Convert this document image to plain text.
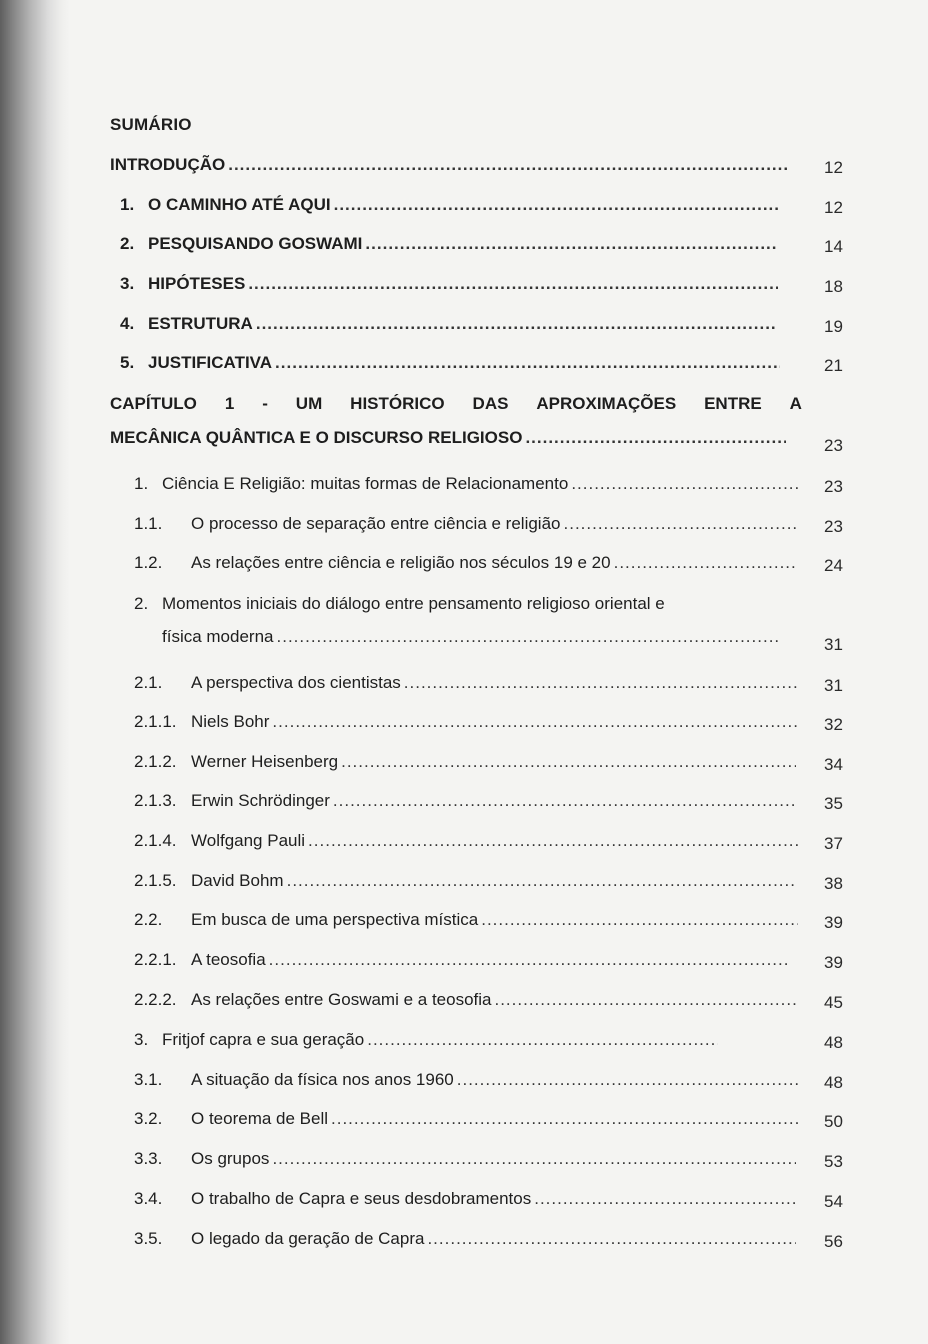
SUMÁRIO
INTRODUÇÃO .....	12
1. O CAMINHO ATÉ AQUI .....	12
2. PESQUISANDO GOSWAMI .....	14
3. HIPÓTESES .....	18
4. ESTRUTURA .....	19
5. JUSTIFICATIVA .....	21
CAPÍTULO 1 - UM HISTÓRICO DAS APROXIMAÇÕES ENTRE A
MECÂNICA QUÂNTICA E O DISCURSO RELIGIOSO .....	23
1. Ciência E Religião: muitas formas de Relacionamento .....	23
1.1. O processo de separação entre ciência e religião .....	23
1.2. As relações entre ciência e religião nos séculos 19 e 20 .....	24
2. Momentos iniciais do diálogo entre pensamento religioso oriental e
física moderna .....	31
2.1. A perspectiva dos cientistas .....	31
2.1.1. Niels Bohr .....	32
2.1.2. Werner Heisenberg .....	34
2.1.3. Erwin Schrödinger .....	35
2.1.4. Wolfgang Pauli .....	37
2.1.5. David Bohm .....	38
2.2. Em busca de uma perspectiva mística .....	39
2.2.1. A teosofia .....	39
2.2.2. As relações entre Goswami e a teosofia .....	45
3. Fritjof capra e sua geração .....	48
3.1. A situação da física nos anos 1960 .....	48
3.2. O teorema de Bell .....	50
3.3. Os grupos .....	53
3.4. O trabalho de Capra e seus desdobramentos .....	54
3.5. O legado da geração de Capra .....	56
